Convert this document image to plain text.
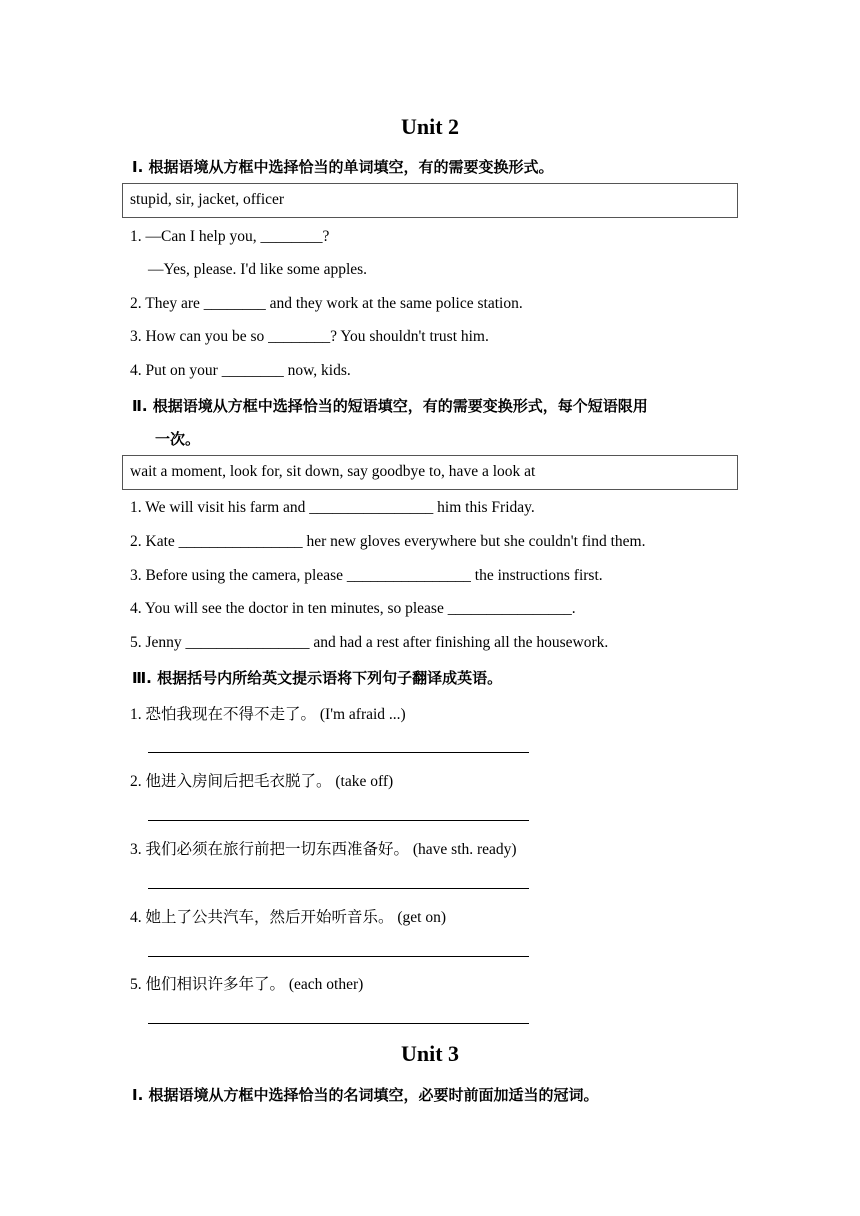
Unit 2
Ⅰ. 根据语境从方框中选择恰当的单词填空，有的需要变换形式。
stupid, sir, jacket, officer
1. —Can I help you, ________?
—Yes, please. I'd like some apples.
2. They are ________ and they work at the same police station.
3. How can you be so ________? You shouldn't trust him.
4. Put on your ________ now, kids.
Ⅱ. 根据语境从方框中选择恰当的短语填空，有的需要变换形式，每个短语限用
一次。
wait a moment, look for, sit down, say goodbye to, have a look at
1. We will visit his farm and ________________ him this Friday.
2. Kate ________________ her new gloves everywhere but she couldn't find them.
3. Before using the camera, please ________________ the instructions first.
4. You will see the doctor in ten minutes, so please ________________.
5. Jenny ________________ and had a rest after finishing all the housework.
Ⅲ. 根据括号内所给英文提示语将下列句子翻译成英语。
1. 恐怕我现在不得不走了。 (I'm afraid ...)
2. 他进入房间后把毛衣脱了。 (take off)
3. 我们必须在旅行前把一切东西准备好。 (have sth. ready)
4. 她上了公共汽车，然后开始听音乐。 (get on)
5. 他们相识许多年了。 (each other)
Unit 3
Ⅰ. 根据语境从方框中选择恰当的名词填空，必要时前面加适当的冠词。
